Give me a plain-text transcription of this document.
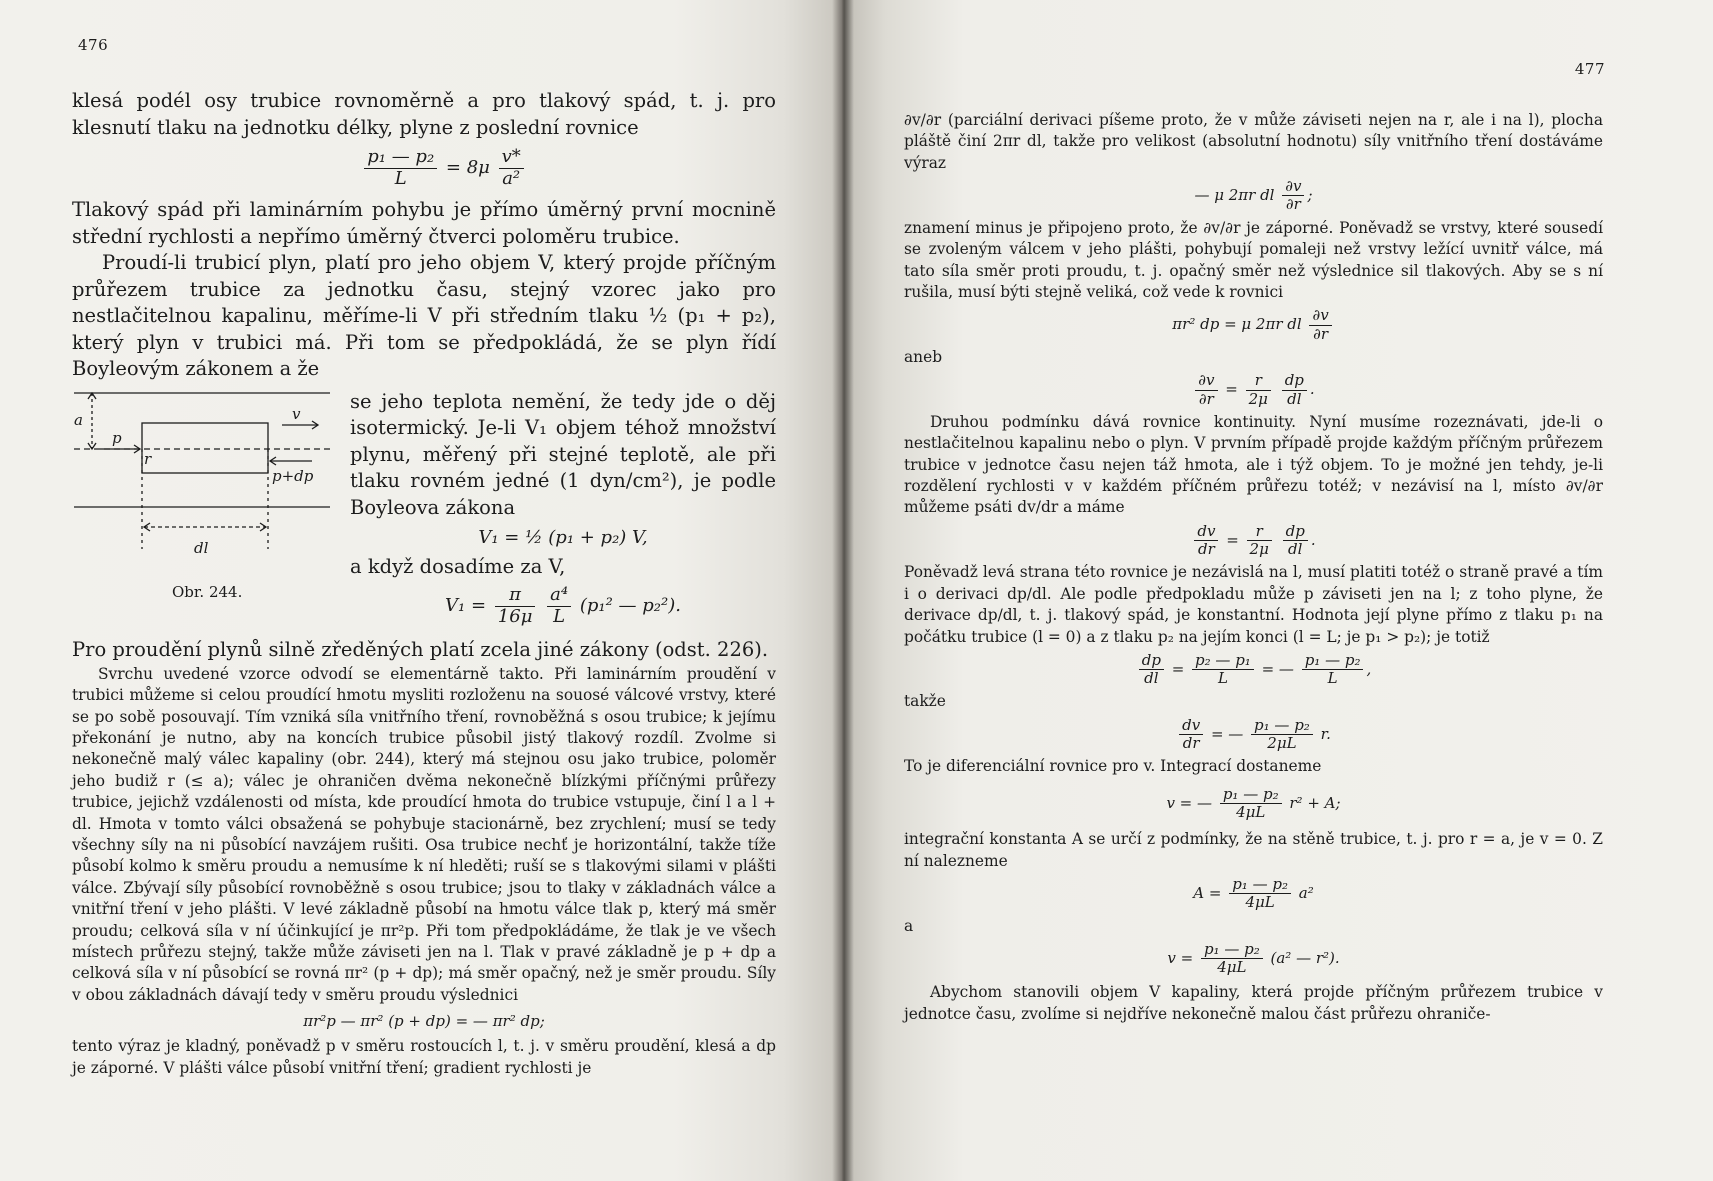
476

klesá podél osy trubice rovnoměrně a pro tlakový spád, t. j. pro klesnutí tlaku na jednotku délky, plyne z poslední rovnice

$\frac{\text{p₁ — p₂}}{L} = 8\mu \frac{v*}{\text{a²}}$

Tlakový spád při laminárním pohybu je přímo úměrný první mocnině střední rychlosti a nepřímo úměrný čtverci poloměru trubice.

Proudí-li trubicí plyn, platí pro jeho objem V, který projde příčným průřezem trubice za jednotku času, stejný vzorec jako pro nestlačitelnou kapalinu, měříme-li V při středním tlaku ½ (p₁ + p₂), který plyn v trubici má. Při tom se předpokládá, že se plyn řídí Boyleovým zákonem a že

a
p
r
v
p+dp
dl
Obr. 244.

se jeho teplota nemění, že tedy jde o děj isotermický. Je-li V₁ objem téhož množství plynu, měřený při stejné teplotě, ale při tlaku rovném jedné (1 dyn/cm²), je podle Boyleova zákona

V₁ = ½ (p₁ + p₂) V,

a když dosadíme za V,

$V_1 = \frac{\pi}{16\mu}$
$\frac{\text{a⁴}}{L} (p_1^2$ — p₂²).

Pro proudění plynů silně zředěných platí zcela jiné zákony (odst. 226).

Svrchu uvedené vzorce odvodí se elementárně takto. Při laminárním proudění v trubici můžeme si celou proudící hmotu mysliti rozloženu na souosé válcové vrstvy, které se po sobě posouvají. Tím vzniká síla vnitřního tření, rovnoběžná s osou trubice; k jejímu překonání je nutno, aby na koncích trubice působil jistý tlakový rozdíl. Zvolme si nekonečně malý válec kapaliny (obr. 244), který má stejnou osu jako trubice, poloměr jeho budiž r (≤ a); válec je ohraničen dvěma nekonečně blízkými příčnými průřezy trubice, jejichž vzdálenosti od místa, kde proudící hmota do trubice vstupuje, činí l a l + dl. Hmota v tomto válci obsažená se pohybuje stacionárně, bez zrychlení; musí se tedy všechny síly na ni působící navzájem rušiti. Osa trubice nechť je horizontální, takže tíže působí kolmo k směru proudu a nemusíme k ní hleděti; ruší se s tlakovými silami v plášti válce. Zbývají síly působící rovnoběžně s osou trubice; jsou to tlaky v základnách válce a vnitřní tření v jeho plášti. V levé základně působí na hmotu válce tlak p, který má směr proudu; celková síla v ní účinkující je πr²p. Při tom předpokládáme, že tlak je ve všech místech průřezu stejný, takže může záviseti jen na l. Tlak v pravé základně je p + dp a celková síla v ní působící se rovná πr² (p + dp); má směr opačný, než je směr proudu. Síly v obou základnách dávají tedy v směru proudu výslednici

πr²p — πr² (p + dp) = — πr² dp;

tento výraz je kladný, poněvadž p v směru rostoucích l, t. j. v směru proudění, klesá a dp je záporné. V plášti válce působí vnitřní tření; gradient rychlosti je

477

∂v/∂r (parciální derivaci píšeme proto, že v může záviseti nejen na r, ale i na l), plocha pláště činí 2πr dl, takže pro velikost (absolutní hodnotu) síly vnitřního tření dostáváme výraz

— μ 2πr dl $\frac{\partial v}{\partial r}$ ;

znamení minus je připojeno proto, že ∂v/∂r je záporné. Poněvadž se vrstvy, které sousedí se zvoleným válcem v jeho plášti, pohybují pomaleji než vrstvy ležící uvnitř válce, má tato síla směr proti proudu, t. j. opačný směr než výslednice sil tlakových. Aby se s ní rušila, musí býti stejně veliká, což vede k rovnici

πr² dp = μ 2πr dl $\frac{\partial v}{\partial r}$

aneb

$\frac{\partial v}{\partial r} = \frac{r}{2\mu}$
$\frac{dp}{dl}$ .

Druhou podmínku dává rovnice kontinuity. Nyní musíme rozeznávati, jde-li o nestlačitelnou kapalinu nebo o plyn. V prvním případě projde každým příčným průřezem trubice v jednotce času nejen táž hmota, ale i týž objem. To je možné jen tehdy, je-li rozdělení rychlosti v v každém příčném průřezu totéž; v nezávisí na l, místo ∂v/∂r můžeme psáti dv/dr a máme

$\frac{dv}{dr} = \frac{r}{2\mu}$
$\frac{dp}{dl}$ .

Poněvadž levá strana této rovnice je nezávislá na l, musí platiti totéž o straně pravé a tím i o derivaci dp/dl. Ale podle předpokladu může p záviseti jen na l; z toho plyne, že derivace dp/dl, t. j. tlakový spád, je konstantní. Hodnota její plyne přímo z tlaku p₁ na počátku trubice (l = 0) a z tlaku p₂ na jejím konci (l = L; je p₁ > p₂); je totiž

$\frac{dp}{dl} = \frac{\text{p₂ — p₁}}{L}$ = — $\frac{\text{p₁ — p₂}}{L}$ ,

takže

$\frac{dv}{dr}$ = — $\frac{\text{p₁ — p₂}}{2\mu L} r$.

To je diferenciální rovnice pro v. Integrací dostaneme

v = — $\frac{\text{p₁ — p₂}}{4\mu L} r^2 + A$;

integrační konstanta A se určí z podmínky, že na stěně trubice, t. j. pro r = a, je v = 0. Z ní nalezneme

$A = \frac{\text{p₁ — p₂}}{4\mu L} a^2$

a

$v = \frac{\text{p₁ — p₂}}{4\mu L} (a^2$ — r²).

Abychom stanovili objem V kapaliny, která projde příčným průřezem trubice v jednotce času, zvolíme si nejdříve nekonečně malou část průřezu ohraniče-
